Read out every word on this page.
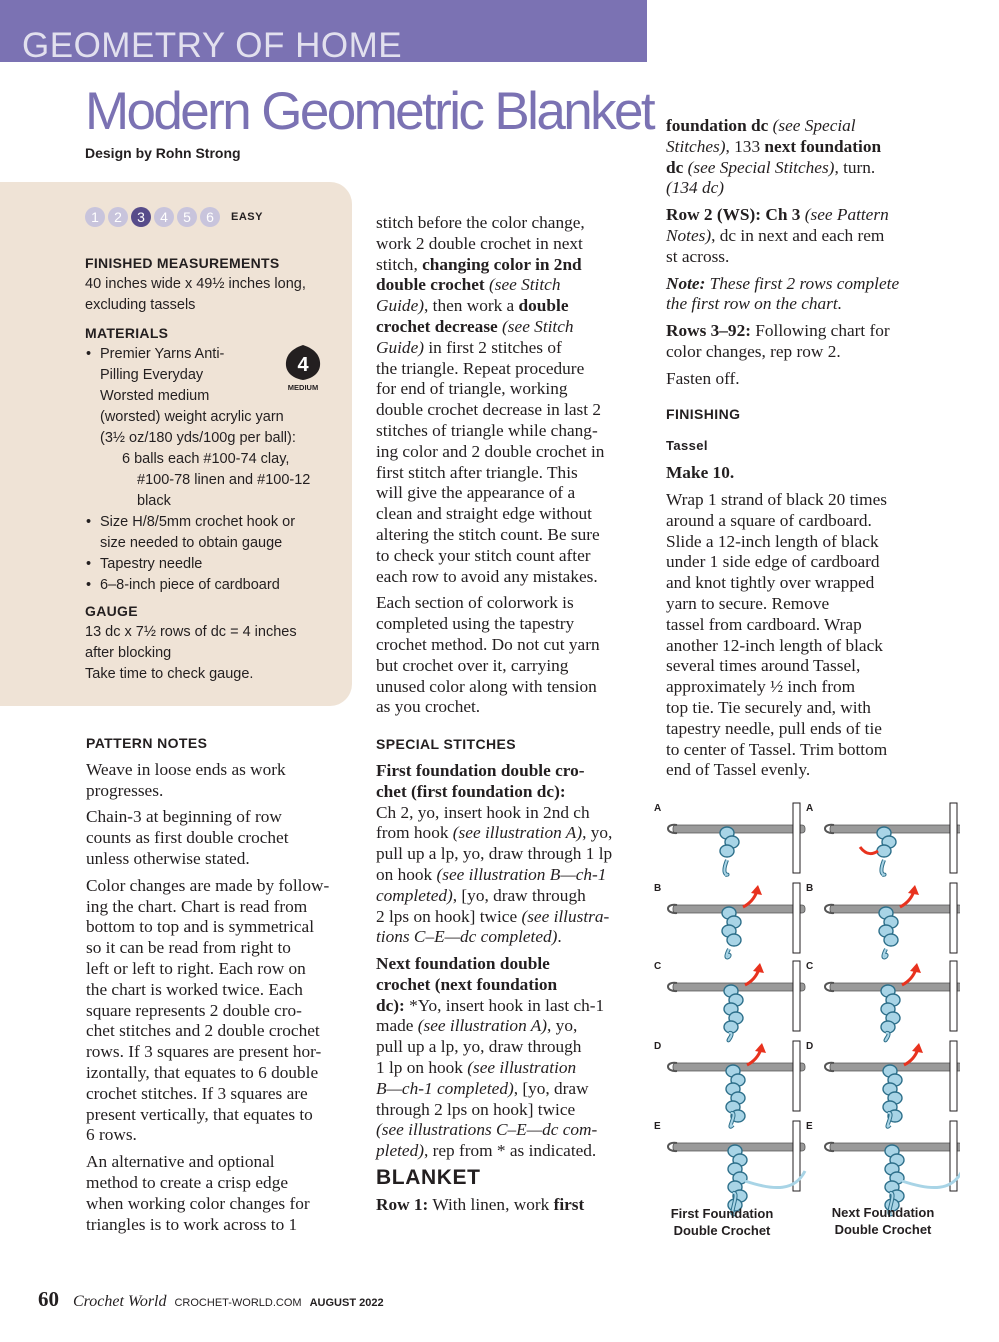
GEOMETRY OF HOME
Modern Geometric Blanket
Design by Rohn Strong
1	2	3	4	5	6	EASY
FINISHED MEASUREMENTS
40 inches wide x 49½ inches long,
excluding tassels
MATERIALS
• Premier Yarns Anti-
Pilling Everyday
Worsted medium
(worsted) weight acrylic yarn
(3½ oz/180 yds/100g per ball):
6 balls each #100-74 clay,
#100-78 linen and #100-12
black
• Size H/8/5mm crochet hook or
size needed to obtain gauge
• Tapestry needle
• 6–8-inch piece of cardboard
4
MEDIUM
GAUGE
13 dc x 7½ rows of dc = 4 inches
after blocking
Take time to check gauge.
PATTERN NOTES

Weave in loose ends as work
progresses.

Chain-3 at beginning of row
counts as first double crochet
unless otherwise stated.

Color changes are made by follow-
ing the chart. Chart is read from
bottom to top and is symmetrical
so it can be read from right to
left or left to right. Each row on
the chart is worked twice. Each
square represents 2 double cro-
chet stitches and 2 double crochet
rows. If 3 squares are present hor-
izontally, that equates to 6 double
crochet stitches. If 3 squares are
present vertically, that equates to
6 rows.

An alternative and optional
method to create a crisp edge
when working color changes for
triangles is to work across to 1

stitch before the color change,
work 2 double crochet in next
stitch, changing color in 2nd
double crochet (see Stitch
Guide), then work a double
crochet decrease (see Stitch
Guide) in first 2 stitches of
the triangle. Repeat procedure
for end of triangle, working
double crochet decrease in last 2
stitches of triangle while chang-
ing color and 2 double crochet in
first stitch after triangle. This
will give the appearance of a
clean and straight edge without
altering the stitch count. Be sure
to check your stitch count after
each row to avoid any mistakes.

Each section of colorwork is
completed using the tapestry
crochet method. Do not cut yarn
but crochet over it, carrying
unused color along with tension
as you crochet.

SPECIAL STITCHES

First foundation double cro-
chet (first foundation dc):
Ch 2, yo, insert hook in 2nd ch
from hook (see illustration A), yo,
pull up a lp, yo, draw through 1 lp
on hook (see illustration B—ch-1
completed), [yo, draw through
2 lps on hook] twice (see illustra-
tions C–E—dc completed).

Next foundation double
crochet (next foundation
dc): *Yo, insert hook in last ch-1
made (see illustration A), yo,
pull up a lp, yo, draw through
1 lp on hook (see illustration
B—ch-1 completed), [yo, draw
through 2 lps on hook] twice
(see illustrations C–E—dc com-
pleted), rep from * as indicated.

BLANKET

Row 1: With linen, work first

foundation dc (see Special
Stitches), 133 next foundation
dc (see Special Stitches), turn.
(134 dc)

Row 2 (WS): Ch 3 (see Pattern
Notes), dc in next and each rem
st across.

Note: These first 2 rows complete
the first row on the chart.

Rows 3–92: Following chart for
color changes, rep row 2.

Fasten off.

FINISHING
Tassel

Make 10.

Wrap 1 strand of black 20 times
around a square of cardboard.
Slide a 12-inch length of black
under 1 side edge of cardboard
and knot tightly over wrapped
yarn to secure. Remove
tassel from cardboard. Wrap
another 12-inch length of black
several times around Tassel,
approximately ½ inch from
top tie. Tie securely and, with
tapestry needle, pull ends of tie
to center of Tassel. Trim bottom
end of Tassel evenly.

A
B
C
D
E
A
B
C
D
E
First Foundation
Double Crochet
Next Foundation
Double Crochet
60 Crochet World CROCHET-WORLD.COM AUGUST 2022
